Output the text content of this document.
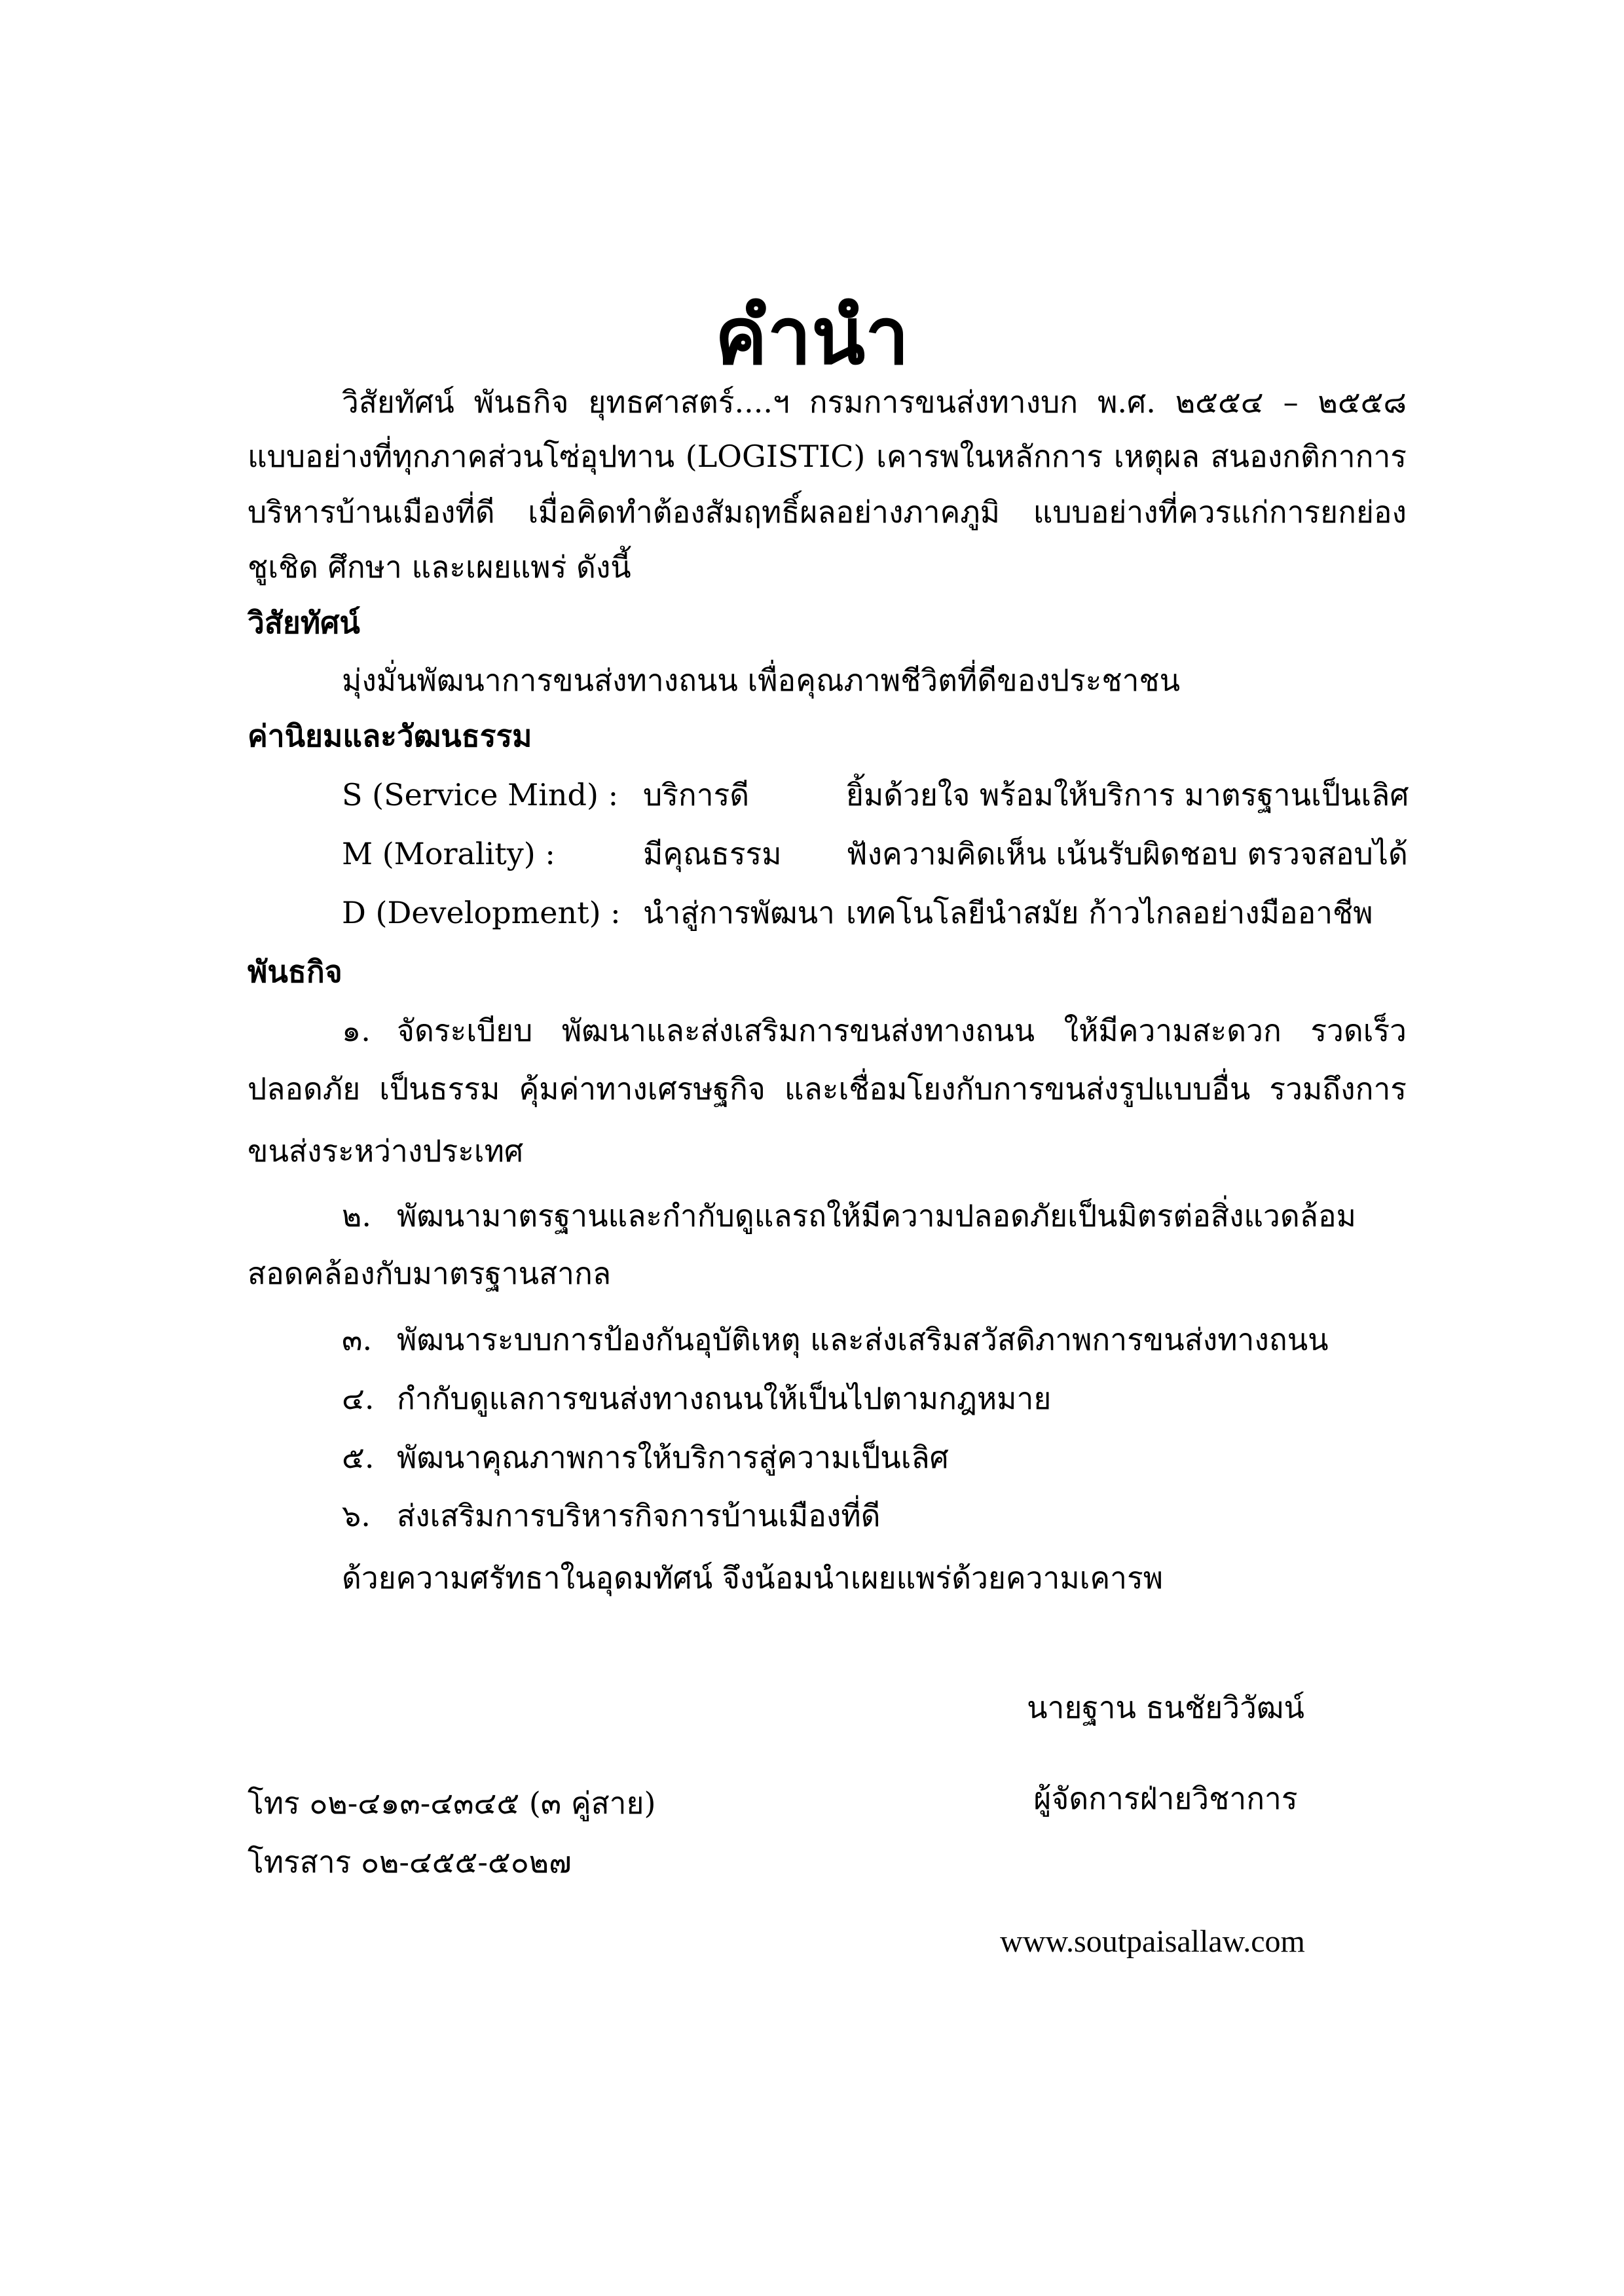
คำนำ
วิสัยทัศน์ พันธกิจ ยุทธศาสตร์....ฯ กรมการขนส่งทางบก พ.ศ. ๒๕๕๔ – ๒๕๕๘
แบบอย่างที่ทุกภาคส่วนโซ่อุปทาน (LOGISTIC) เคารพในหลักการ เหตุผล สนองกติกาการ
บริหารบ้านเมืองที่ดี เมื่อคิดทำต้องสัมฤทธิ์ผลอย่างภาคภูมิ แบบอย่างที่ควรแก่การยกย่อง
ชูเชิด ศึกษา และเผยแพร่ ดังนี้
วิสัยทัศน์
มุ่งมั่นพัฒนาการขนส่งทางถนน เพื่อคุณภาพชีวิตที่ดีของประชาชน
ค่านิยมและวัฒนธรรม
S (Service Mind) : บริการดี	ยิ้มด้วยใจ พร้อมให้บริการ มาตรฐานเป็นเลิศ
M (Morality) :	มีคุณธรรม ฟังความคิดเห็น เน้นรับผิดชอบ ตรวจสอบได้
D (Development) : นำสู่การพัฒนา เทคโนโลยีนำสมัย ก้าวไกลอย่างมืออาชีพ
พันธกิจ
๑. จัดระเบียบ พัฒนาและส่งเสริมการขนส่งทางถนน ให้มีความสะดวก รวดเร็ว
ปลอดภัย เป็นธรรม คุ้มค่าทางเศรษฐกิจ และเชื่อมโยงกับการขนส่งรูปแบบอื่น รวมถึงการ
ขนส่งระหว่างประเทศ
๒. พัฒนามาตรฐานและกำกับดูแลรถให้มีความปลอดภัยเป็นมิตรต่อสิ่งแวดล้อม
สอดคล้องกับมาตรฐานสากล
๓. พัฒนาระบบการป้องกันอุบัติเหตุ และส่งเสริมสวัสดิภาพการขนส่งทางถนน
๔. กำกับดูแลการขนส่งทางถนนให้เป็นไปตามกฎหมาย
๕. พัฒนาคุณภาพการให้บริการสู่ความเป็นเลิศ
๖. ส่งเสริมการบริหารกิจการบ้านเมืองที่ดี
ด้วยความศรัทธาในอุดมทัศน์ จึงน้อมนำเผยแพร่ด้วยความเคารพ
นายฐาน ธนชัยวิวัฒน์
ผู้จัดการฝ่ายวิชาการ
www.soutpaisallaw.com
โทร ๐๒-๔๑๓-๔๓๔๕ (๓ คู่สาย)
โทรสาร ๐๒-๔๕๕-๕๐๒๗
